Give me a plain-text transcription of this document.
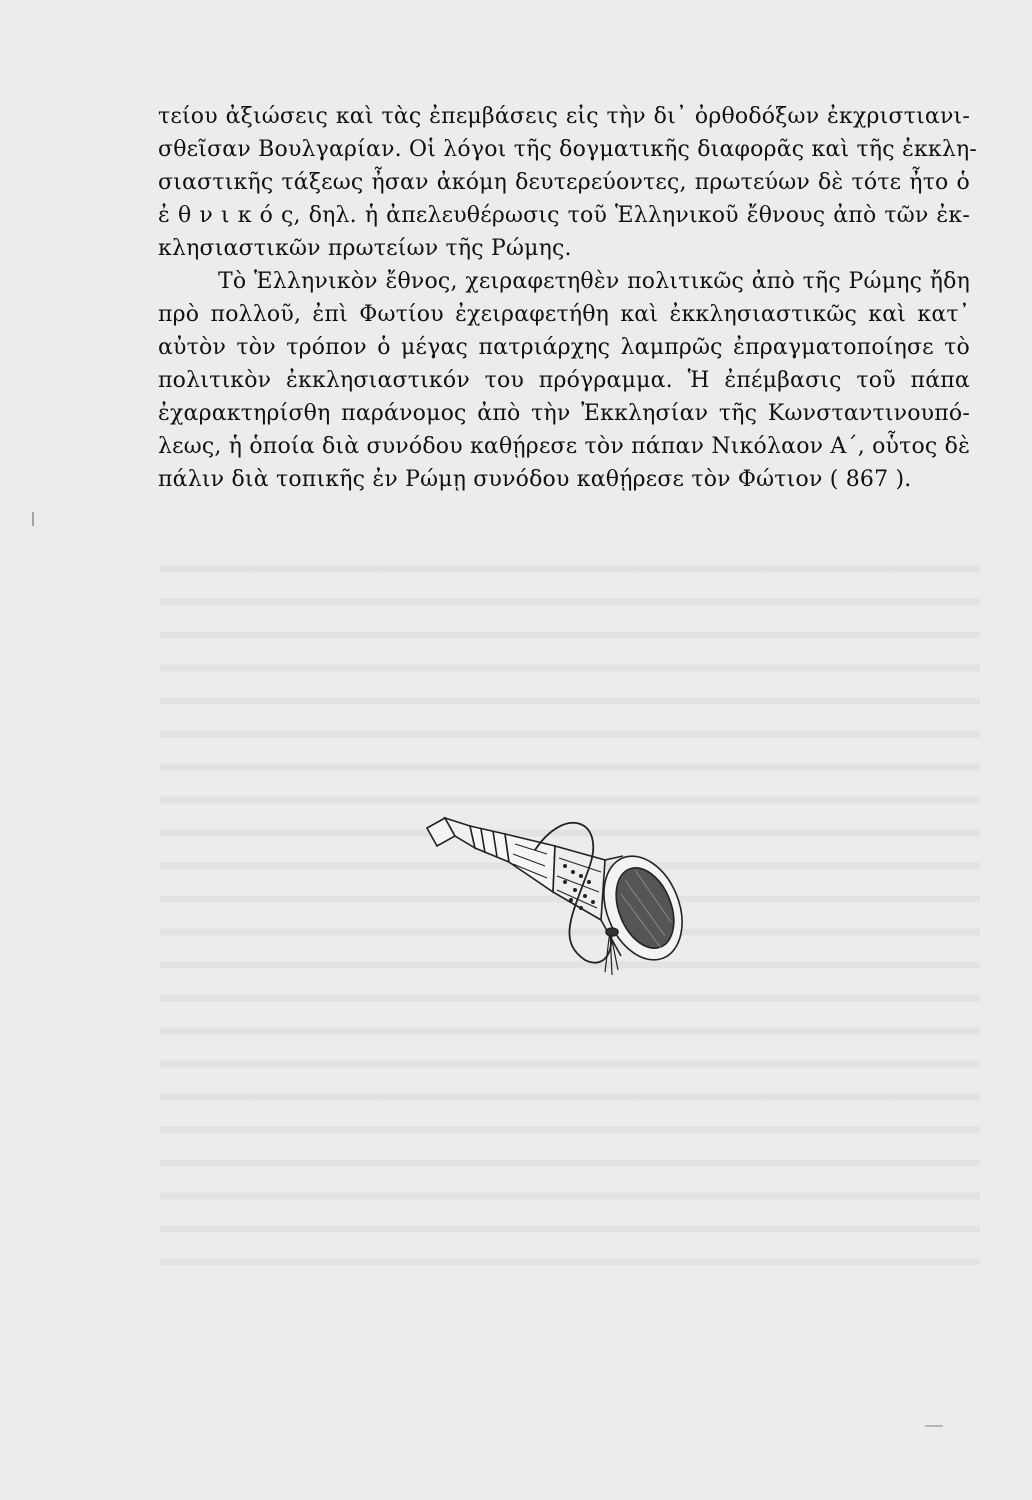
τείου ἀξιώσεις καὶ τὰς ἐπεμβάσεις εἰς τὴν δι᾿ ὀρθοδόξων ἐκχριστιανι-
σθεῖσαν Βουλγαρίαν. Οἱ λόγοι τῆς δογματικῆς διαφορᾶς καὶ τῆς ἐκκλη-
σιαστικῆς τάξεως ἦσαν ἀκόμη δευτερεύοντες, πρωτεύων δὲ τότε ἦτο ὁ
ἐ θ ν ι κ ό ς, δηλ. ἡ ἀπελευθέρωσις τοῦ Ἑλληνικοῦ ἔθνους ἀπὸ τῶν ἐκ-
κλησιαστικῶν πρωτείων τῆς Ρώμης.
Τὸ Ἑλληνικὸν ἔθνος, χειραφετηθὲν πολιτικῶς ἀπὸ τῆς Ρώμης ἤδη
πρὸ πολλοῦ, ἐπὶ Φωτίου ἐχειραφετήθη καὶ ἐκκλησιαστικῶς καὶ κατ᾿
αὐτὸν τὸν τρόπον ὁ μέγας πατριάρχης λαμπρῶς ἐπραγματοποίησε τὸ
πολιτικὸν ἐκκλησιαστικόν του πρόγραμμα. Ἡ ἐπέμβασις τοῦ πάπα
ἐχαρακτηρίσθη παράνομος ἀπὸ τὴν Ἐκκλησίαν τῆς Κωνσταντινουπό-
λεως, ἡ ὁποία διὰ συνόδου καθῄρεσε τὸν πάπαν Νικόλαον Α΄, οὗτος δὲ
πάλιν διὰ τοπικῆς ἐν Ρώμῃ συνόδου καθῄρεσε τὸν Φώτιον ( 867 ).
